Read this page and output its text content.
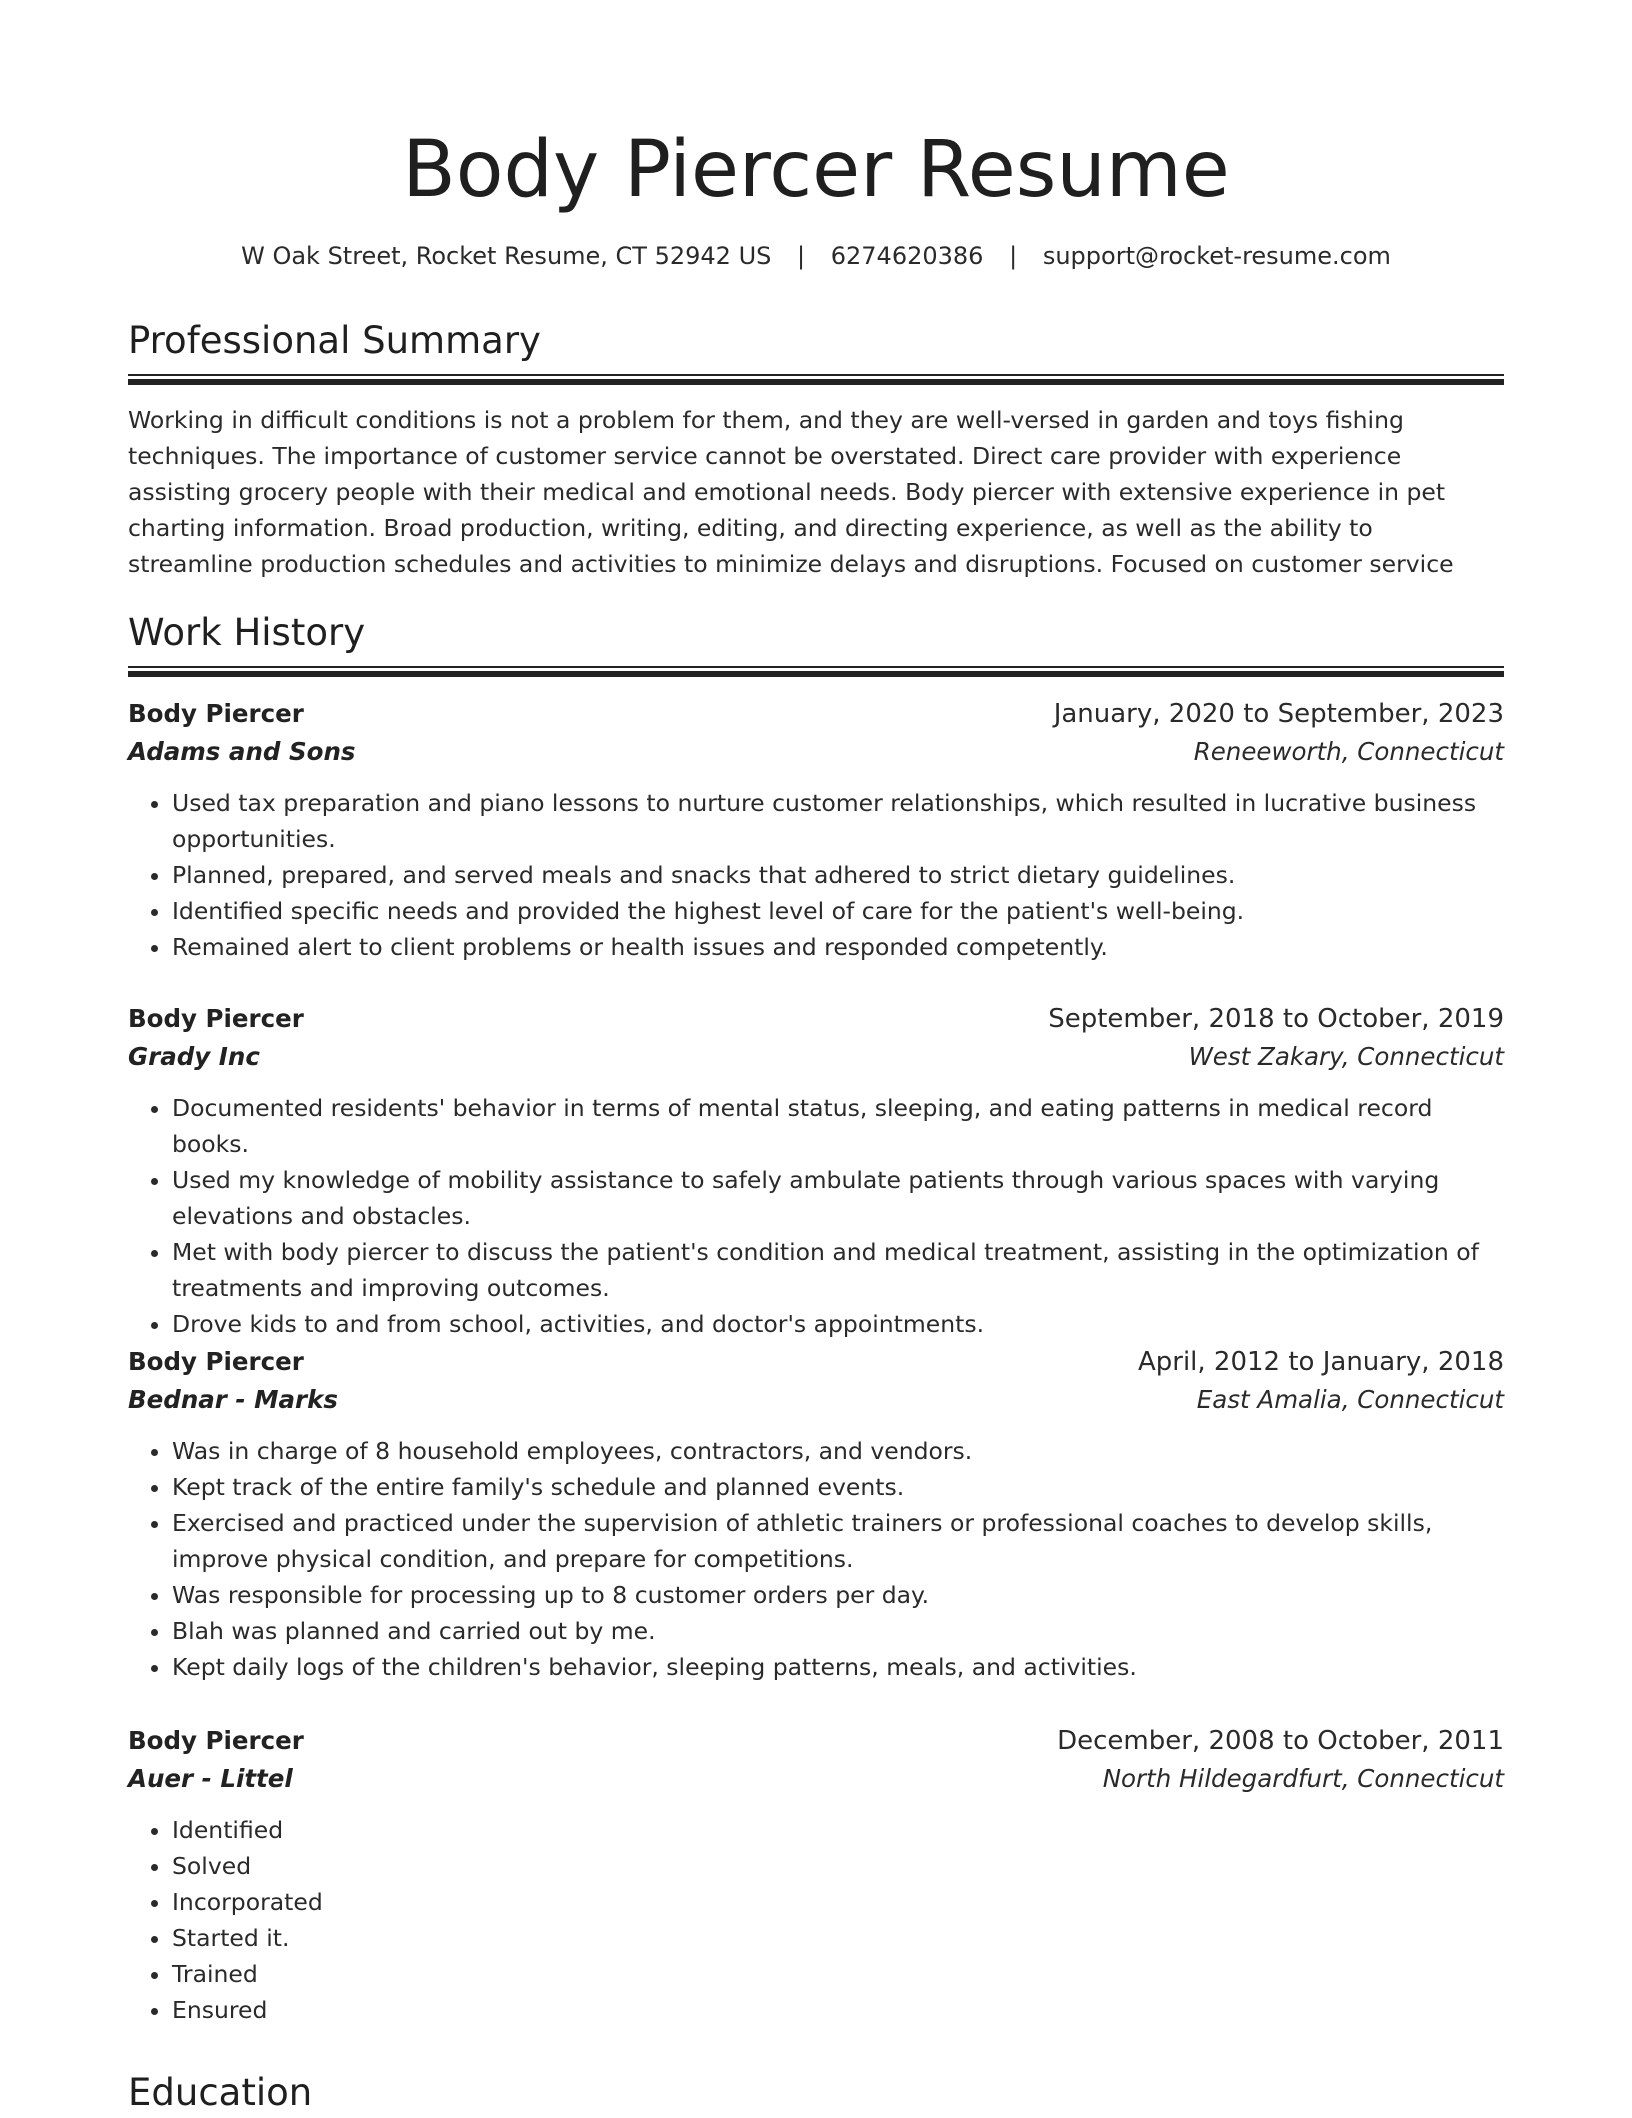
Body Piercer Resume
W Oak Street, Rocket Resume, CT 52942 US | 6274620386 | support@rocket-resume.com
Professional Summary

Working in difficult conditions is not a problem for them, and they are well-versed in garden and toys fishing techniques. The importance of customer service cannot be overstated. Direct care provider with experience assisting grocery people with their medical and emotional needs. Body piercer with extensive experience in pet charting information. Broad production, writing, editing, and directing experience, as well as the ability to streamline production schedules and activities to minimize delays and disruptions. Focused on customer service

Work History
Body Piercer	January, 2020 to September, 2023
Adams and Sons	Reneeworth, Connecticut
• Used tax preparation and piano lessons to nurture customer relationships, which resulted in lucrative business opportunities.
• Planned, prepared, and served meals and snacks that adhered to strict dietary guidelines.
• Identified specific needs and provided the highest level of care for the patient's well-being.
• Remained alert to client problems or health issues and responded competently.
Body Piercer	September, 2018 to October, 2019
Grady Inc	West Zakary, Connecticut
• Documented residents' behavior in terms of mental status, sleeping, and eating patterns in medical record books.
• Used my knowledge of mobility assistance to safely ambulate patients through various spaces with varying elevations and obstacles.
• Met with body piercer to discuss the patient's condition and medical treatment, assisting in the optimization of treatments and improving outcomes.
• Drove kids to and from school, activities, and doctor's appointments.
Body Piercer	April, 2012 to January, 2018
Bednar - Marks	East Amalia, Connecticut
• Was in charge of 8 household employees, contractors, and vendors.
• Kept track of the entire family's schedule and planned events.
• Exercised and practiced under the supervision of athletic trainers or professional coaches to develop skills, improve physical condition, and prepare for competitions.
• Was responsible for processing up to 8 customer orders per day.
• Blah was planned and carried out by me.
• Kept daily logs of the children's behavior, sleeping patterns, meals, and activities.
Body Piercer	December, 2008 to October, 2011
Auer - Littel	North Hildegardfurt, Connecticut
• Identified
• Solved
• Incorporated
• Started it.
• Trained
• Ensured
Education
